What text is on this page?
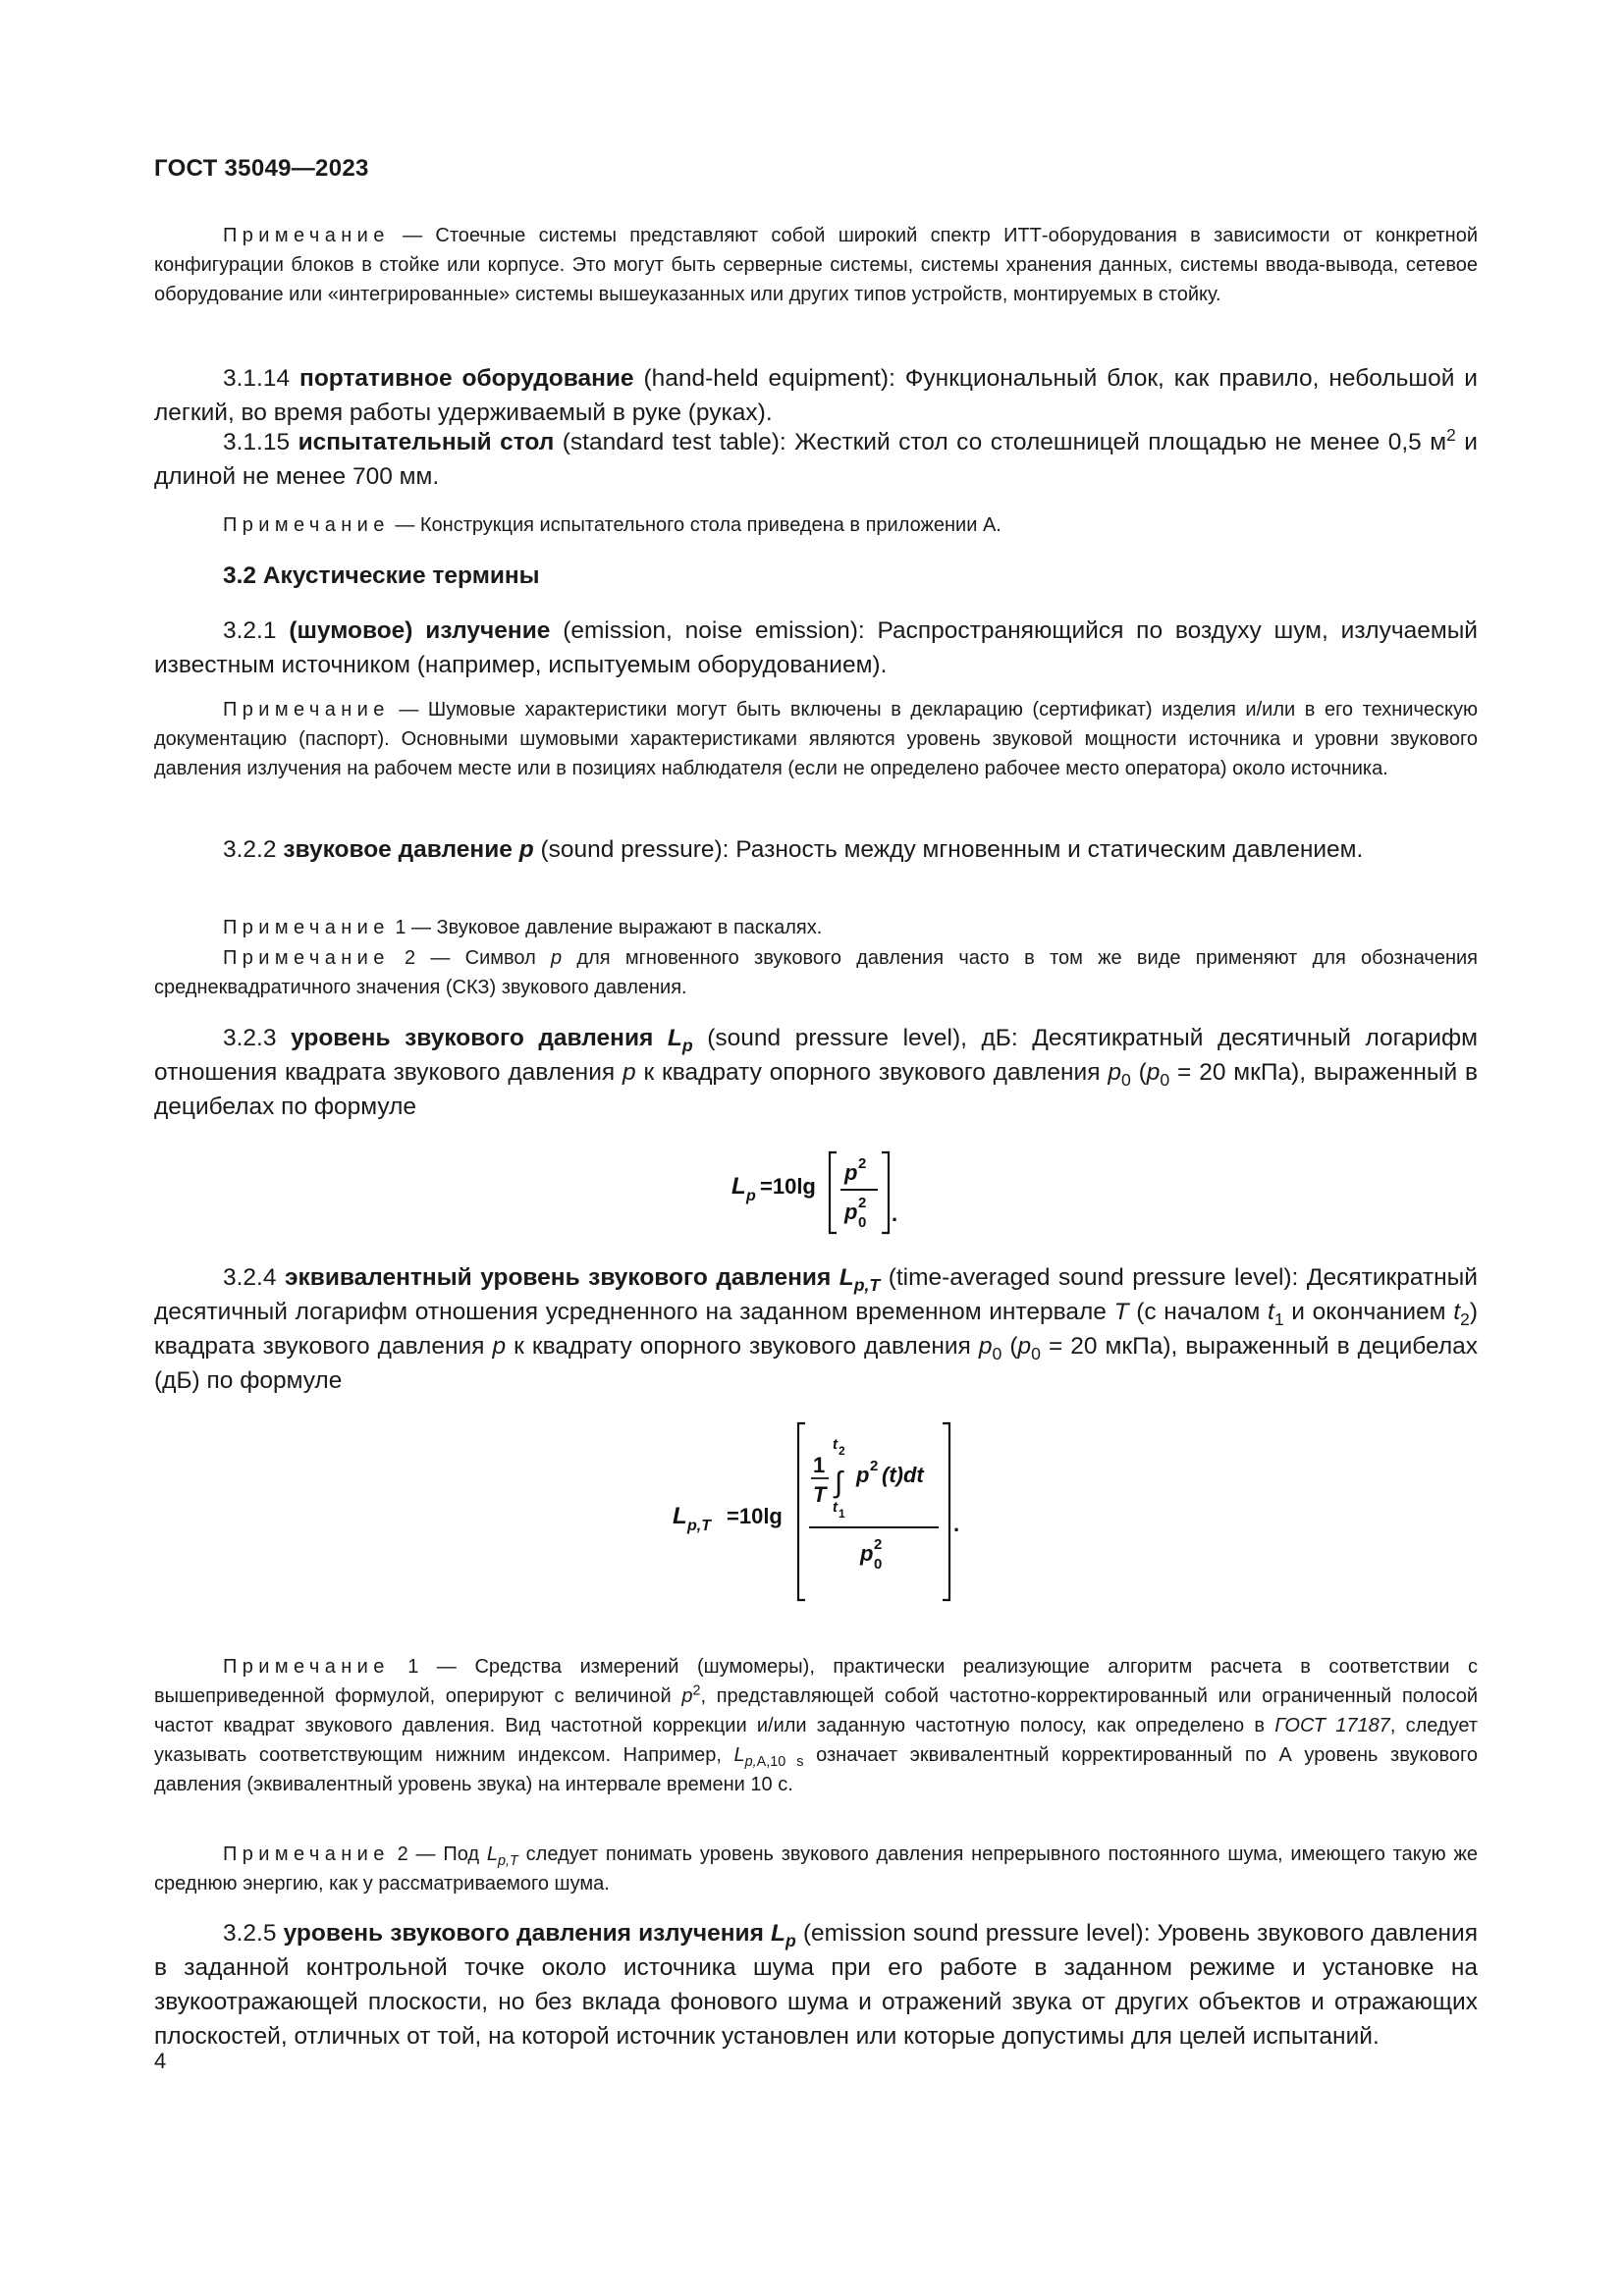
ГОСТ 35049—2023
Примечание — Стоечные системы представляют собой широкий спектр ИТТ-оборудования в зависимости от конкретной конфигурации блоков в стойке или корпусе. Это могут быть серверные системы, системы хранения данных, системы ввода-вывода, сетевое оборудование или «интегрированные» системы вышеуказанных или других типов устройств, монтируемых в стойку.
3.1.14 портативное оборудование (hand-held equipment): Функциональный блок, как правило, небольшой и легкий, во время работы удерживаемый в руке (руках).
3.1.15 испытательный стол (standard test table): Жесткий стол со столешницей площадью не менее 0,5 $м^2$ и длиной не менее 700 мм.
Примечание — Конструкция испытательного стола приведена в приложении А.
3.2 Акустические термины
3.2.1 (шумовое) излучение (emission, noise emission): Распространяющийся по воздуху шум, излучаемый известным источником (например, испытуемым оборудованием).
Примечание — Шумовые характеристики могут быть включены в декларацию (сертификат) изделия и/или в его техническую документацию (паспорт). Основными шумовыми характеристиками являются уровень звуковой мощности источника и уровни звукового давления излучения на рабочем месте или в позициях наблюдателя (если не определено рабочее место оператора) около источника.
3.2.2 звуковое давление p (sound pressure): Разность между мгновенным и статическим давлением.
Примечание 1 — Звуковое давление выражают в паскалях.
Примечание 2 — Символ p для мгновенного звукового давления часто в том же виде применяют для обозначения среднеквадратичного значения (СКЗ) звукового давления.
3.2.3 уровень звукового давления $L_p$ (sound pressure level), дБ: Десятикратный десятичный логарифм отношения квадрата звукового давления p к квадрату опорного звукового давления $p_0$ ($p_0 = 20$ мкПа), выраженный в децибелах по формуле
L p =10lg
p 2
p 2
0 .
3.2.4 эквивалентный уровень звукового давления $L_{p,T}$ (time-averaged sound pressure level): Десятикратный десятичный логарифм отношения усредненного на заданном временном интервале T (с началом $t_1$ и окончанием $t_2$) квадрата звукового давления p к квадрату опорного звукового давления $p_0$ ($p_0 = 20$ мкПа), выраженный в децибелах (дБ) по формуле
L p,T =10lg
1
T
t 2
∫
t 1
p 2 (t)dt
p 2
0
.
Примечание 1 — Средства измерений (шумомеры), практически реализующие алгоритм расчета в соответствии с вышеприведенной формулой, оперируют с величиной $p^2$, представляющей собой частотно-корректированный или ограниченный полосой частот квадрат звукового давления. Вид частотной коррекции и/или заданную частотную полосу, как определено в ГОСТ 17187, следует указывать соответствующим нижним индексом. Например, $L_{p,A,10 s}$ означает эквивалентный корректированный по А уровень звукового давления (эквивалентный уровень звука) на интервале времени 10 с.
Примечание 2 — Под $L_{p,T}$ следует понимать уровень звукового давления непрерывного постоянного шума, имеющего такую же среднюю энергию, как у рассматриваемого шума.
3.2.5 уровень звукового давления излучения $L_p$ (emission sound pressure level): Уровень звукового давления в заданной контрольной точке около источника шума при его работе в заданном режиме и установке на звукоотражающей плоскости, но без вклада фонового шума и отражений звука от других объектов и отражающих плоскостей, отличных от той, на которой источник установлен или которые допустимы для целей испытаний.
4
